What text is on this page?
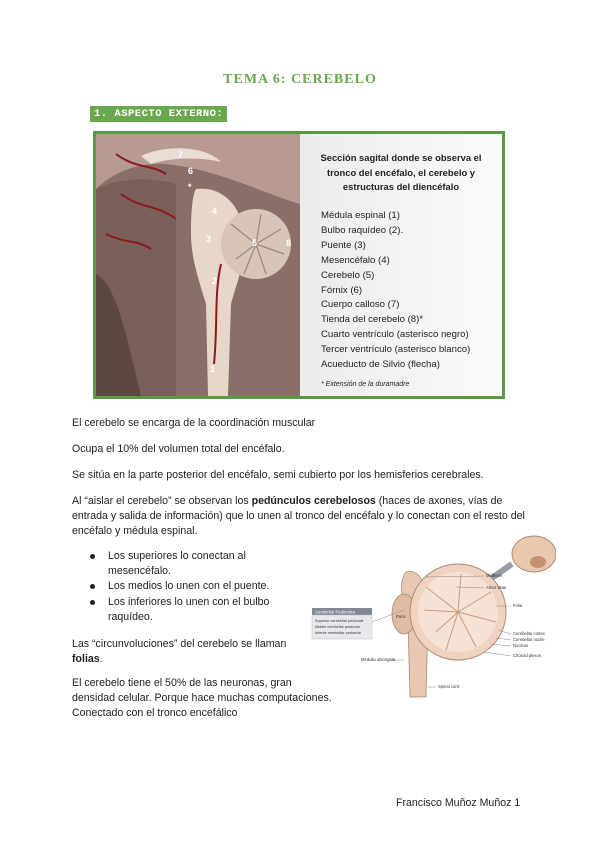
TEMA 6: CEREBELO
1. ASPECTO EXTERNO:
7
6
*
4
3	5	8
2
1
Sección sagital donde se observa el tronco del encéfalo, el cerebelo y estructuras del diencéfalo
Médula espinal (1)
Bulbo raquídeo (2).
Puente (3)
Mesencéfalo (4)
Cerebelo (5)
Fórnix (6)
Cuerpo calloso (7)
Tienda del cerebelo (8)*
Cuarto ventrículo (asterisco negro)
Tercer ventrículo (asterisco blanco)
Acueducto de Silvio (flecha)
* Extensión de la duramadre

El cerebelo se encarga de la coordinación muscular

Ocupa el 10% del volumen total del encéfalo.

Se sitúa en la parte posterior del encéfalo, semi cubierto por los hemisferios cerebrales.

Al “aislar el cerebelo” se observan los pedúnculos cerebelosos (haces de axones, vías de entrada y salida de información) que lo unen al tronco del encéfalo y lo conectan con el resto del encéfalo y médula espinal.

Los superiores lo conectan al mesencéfalo.
Los medios lo unen con el puente.
Los inferiores lo unen con el bulbo raquídeo.

Las “circunvoluciones” del cerebelo se llaman folias.

El cerebelo tiene el 50% de las neuronas, gran densidad celular. Porque hace muchas computaciones. Conectado con el tronco encefálico

Cerebellar Peduncles
Superior cerebellar peduncle
Middle cerebellar peduncle
Inferior cerebellar peduncle
Midbrain
Arbor vitae
Pons
Folia
Cerebellar cortex
Cerebellar nuclei
Nucleus
Choroid plexus
Medulla oblongata
Spinal cord
Francisco Muñoz Muñoz 1
